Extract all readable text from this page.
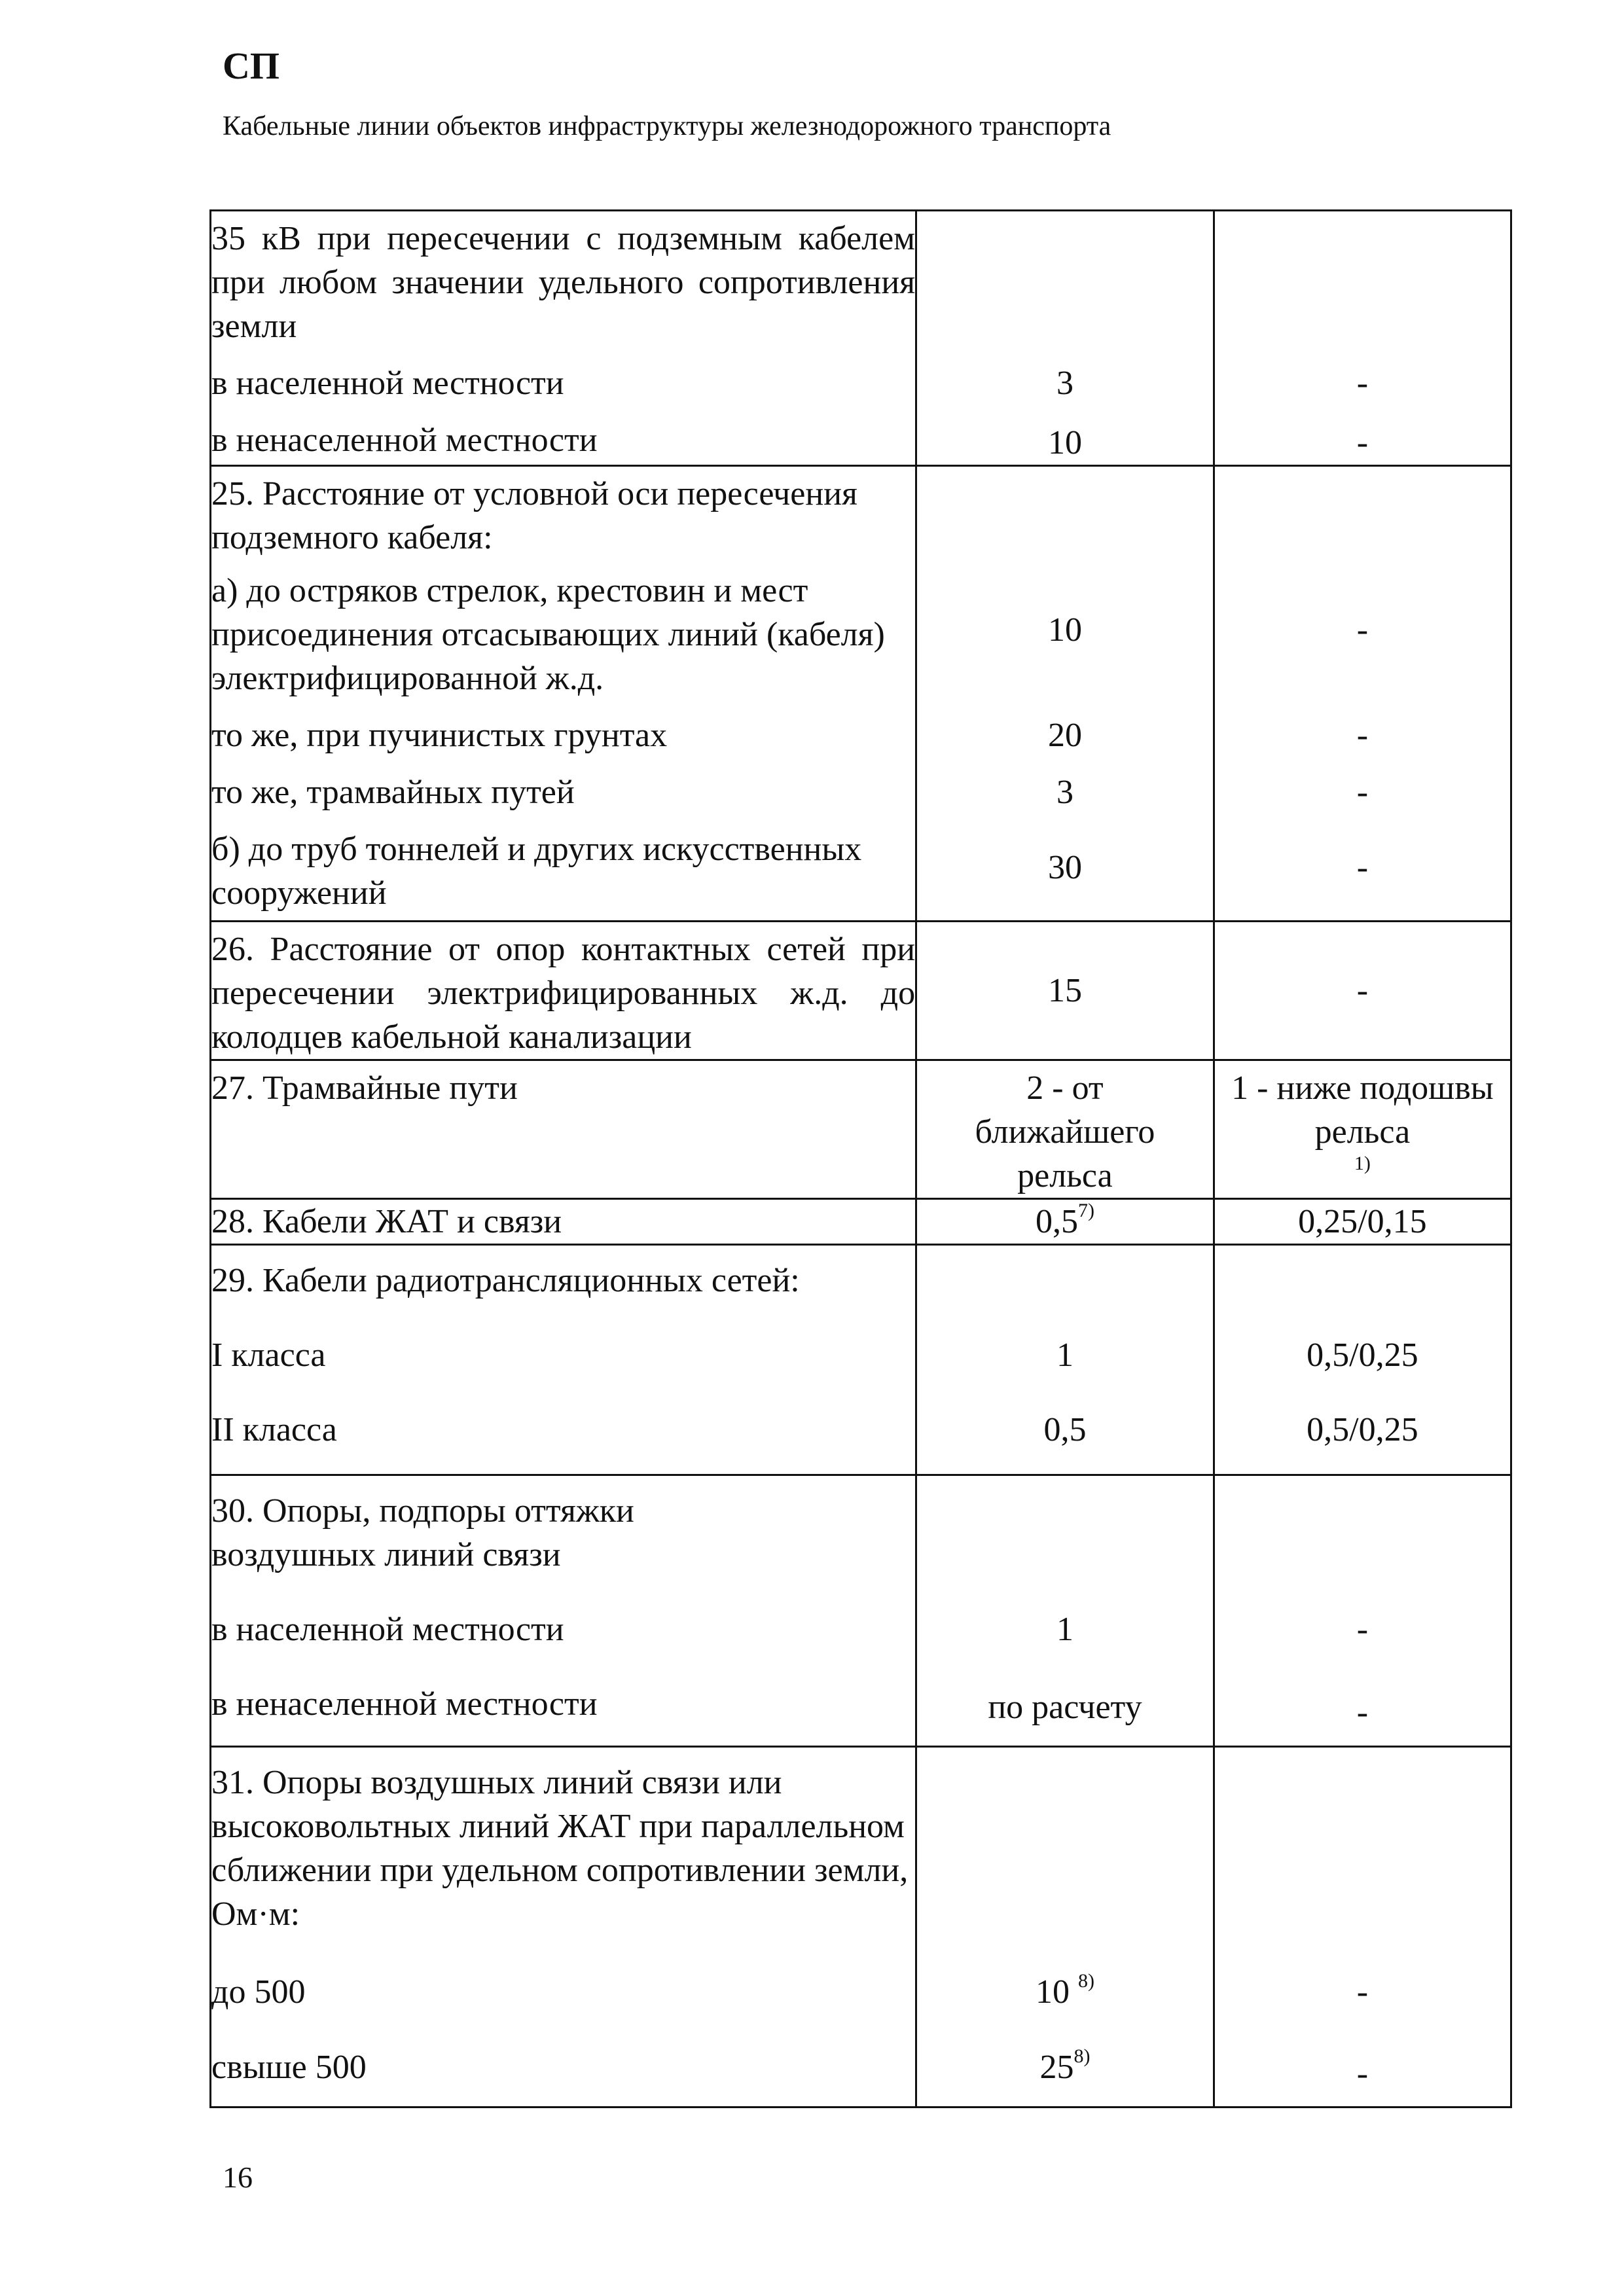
СП
Кабельные линии объектов инфраструктуры железнодорожного транспорта
35 кВ при пересечении с подземным кабелем при любом значении удельного сопротивления земли		
в населенной местности	3	-
в ненаселенной местности	10	-
25. Расстояние от условной оси пересечения подземного кабеля:		
а) до остряков стрелок, крестовин и мест присоединения отсасывающих линий (кабеля) электрифицированной ж.д.	10	-
то же, при пучинистых грунтах	20	-
то же, трамвайных путей	3	-
б) до труб тоннелей и других искусственных сооружений	30	-
26. Расстояние от опор контактных сетей при пересечении электрифицированных ж.д. до колодцев кабельной канализации	15	-
27. Трамвайные пути	2 - от ближайшего рельса	1 - ниже подошвы рельса
1)

28. Кабели ЖАТ и связи	0,5$^{7)}$	0,25/0,15
29. Кабели радиотрансляционных сетей:		
I класса	1	0,5/0,25
II класса	0,5	0,5/0,25
30. Опоры, подпоры оттяжки воздушных линий связи		
в населенной местности	1	-
в ненаселенной местности	по расчету	-
31. Опоры воздушных линий связи или высоковольтных линий ЖАТ при параллельном сближении при удельном сопротивлении земли, Ом·м:		
до 500	10 $^{8)}$	-
свыше 500	25$^{8)}$	-
16
